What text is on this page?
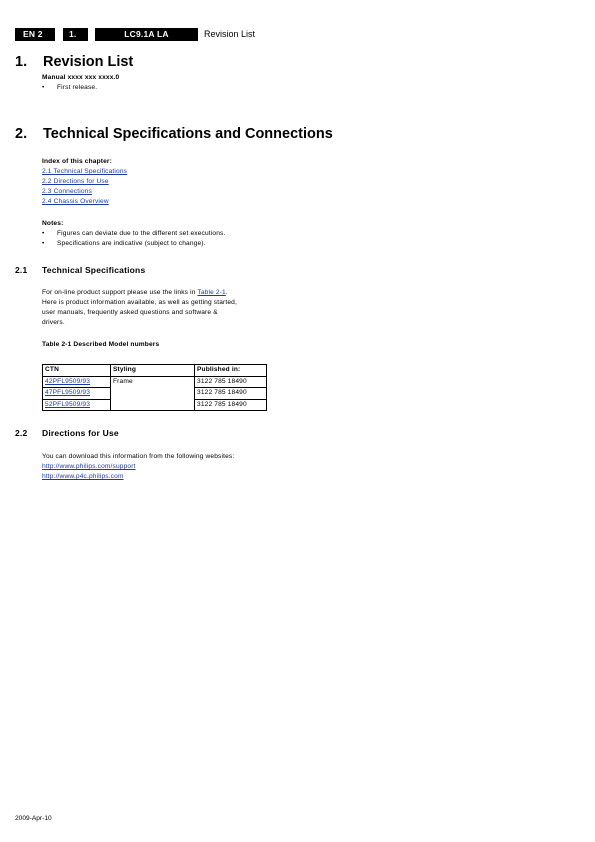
EN 2	1.	LC9.1A LA	Revision List
1. Revision List
Manual xxxx xxx xxxx.0
• First release.
2. Technical Specifications and Connections
Index of this chapter:
2.1 Technical Specifications
2.2 Directions for Use
2.3 Connections
2.4 Chassis Overview
Notes:
• Figures can deviate due to the different set executions.
• Specifications are indicative (subject to change).
2.1 Technical Specifications
For on-line product support please use the links in Table 2-1.
Here is product information available, as well as getting started,
user manuals, frequently asked questions and software &
drivers.
Table 2-1 Described Model numbers
CTN	Styling	Published in:
42PFL9509/93	Frame	3122 785 18490
47PFL9509/93		3122 785 18490
52PFL9509/93		3122 785 18490
2.2 Directions for Use
You can download this information from the following websites:
http://www.philips.com/support
http://www.p4c.philips.com
2009-Apr-10
